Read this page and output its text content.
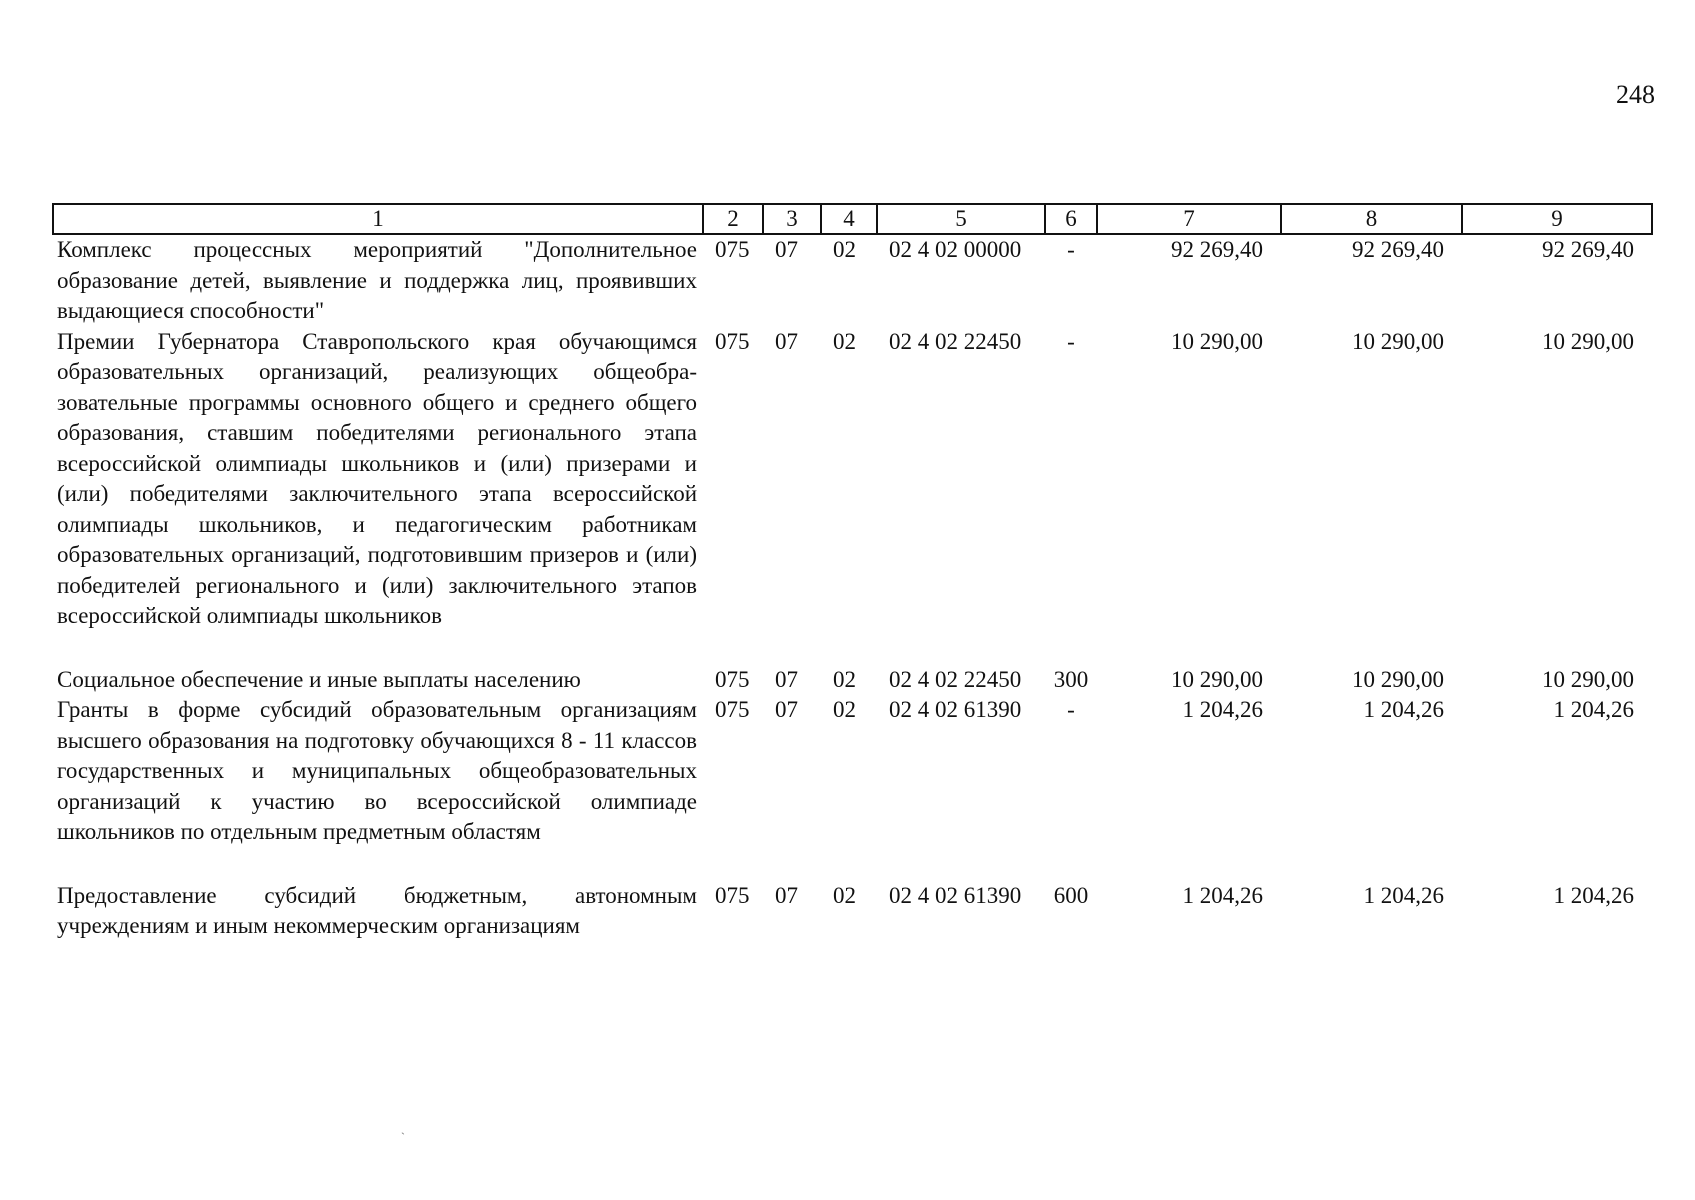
248
1	2	3	4	5	6	7	8	9
Комплекс процессных мероприятий "Дополнительное образование детей, выявление и поддержка лиц, проявивших выдающиеся способности"	075	07	02	02 4 02 00000	-	92 269,40	92 269,40	92 269,40
Премии Губернатора Ставропольского края обучающимся образовательных организаций, реализующих общеобразовательные программы основного общего и среднего общего образования, ставшим победителями регионального этапа всероссийской олимпиады школьников и (или) призерами и (или) победителями заключительного этапа всероссийской олимпиады школьников, и педагогическим работникам образовательных организаций, подготовившим призеров и (или) победителей регионального и (или) заключительного этапов всероссийской олимпиады школьников	075	07	02	02 4 02 22450	-	10 290,00	10 290,00	10 290,00
Социальное обеспечение и иные выплаты населению	075	07	02	02 4 02 22450	300	10 290,00	10 290,00	10 290,00
Гранты в форме субсидий образовательным организациям высшего образования на подготовку обучающихся 8 - 11 классов государственных и муниципальных общеобразовательных организаций к участию во всероссийской олимпиаде школьников по отдельным предметным областям	075	07	02	02 4 02 61390	-	1 204,26	1 204,26	1 204,26
Предоставление субсидий бюджетным, автономным учреждениям и иным некоммерческим организациям	075	07	02	02 4 02 61390	600	1 204,26	1 204,26	1 204,26
`
